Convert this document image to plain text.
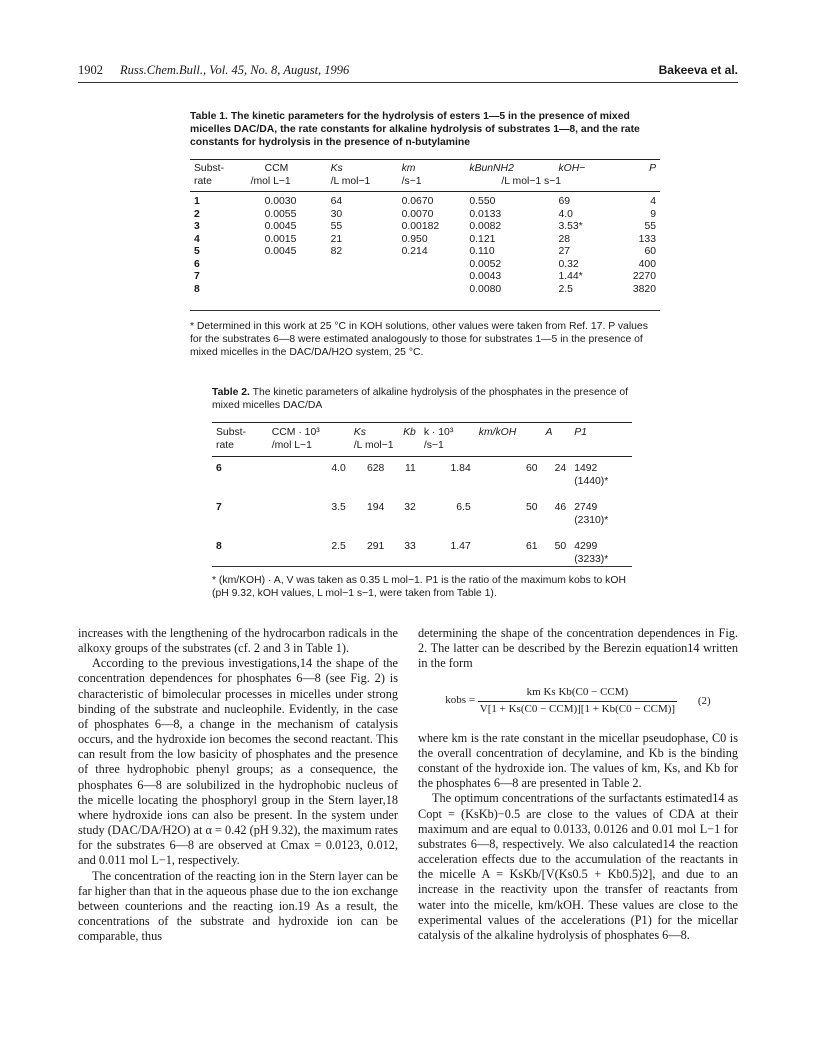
1902 Russ.Chem.Bull., Vol. 45, No. 8, August, 1996	Bakeeva et al.
Table 1. The kinetic parameters for the hydrolysis of esters 1—5 in the presence of mixed micelles DAC/DA, the rate constants for alkaline hydrolysis of substrates 1—8, and the rate constants for hydrolysis in the presence of n-butylamine
Subst-	CCM	Ks	km	kBunNH2	kOH−	P
rate	/mol L−1	/L mol−1	/s−1	/L mol−1 s−1		

1	0.0030	64	0.0670	0.550	69	4
2	0.0055	30	0.0070	0.0133	4.0	9
3	0.0045	55	0.00182	0.0082	3.53*	55
4	0.0015	21	0.950	0.121	28	133
5	0.0045	82	0.214	0.110	27	60
6				0.0052	0.32	400
7				0.0043	1.44*	2270
8				0.0080	2.5	3820
* Determined in this work at 25 °C in KOH solutions, other values were taken from Ref. 17. P values for the substrates 6—8 were estimated analogously to those for substrates 1—5 in the presence of mixed micelles in the DAC/DA/H2O system, 25 °C.
Table 2. The kinetic parameters of alkaline hydrolysis of the phosphates in the presence of mixed micelles DAC/DA
Subst-	CCM · 10³	Ks	Kb	k · 10³	km/kOH	A	P1
rate	/mol L−1	/L mol−1		/s−1			

6	4.0	628	11	1.84	60	24	1492
(1440)*

7	3.5	194	32	6.5	50	46	2749
(2310)*

8	2.5	291	33	1.47	61	50	4299
(3233)*
* (km/KOH) · A, V was taken as 0.35 L mol−1. P1 is the ratio of the maximum kobs to kOH (pH 9.32, kOH values, L mol−1 s−1, were taken from Table 1).

increases with the lengthening of the hydrocarbon radicals in the alkoxy groups of the substrates (cf. 2 and 3 in Table 1).

According to the previous investigations,14 the shape of the concentration dependences for phosphates 6—8 (see Fig. 2) is characteristic of bimolecular processes in micelles under strong binding of the substrate and nucleophile. Evidently, in the case of phosphates 6—8, a change in the mechanism of catalysis occurs, and the hydroxide ion becomes the second reactant. This can result from the low basicity of phosphates and the presence of three hydrophobic phenyl groups; as a consequence, the phosphates 6—8 are solubilized in the hydrophobic nucleus of the micelle locating the phosphoryl group in the Stern layer,18 where hydroxide ions can also be present. In the system under study (DAC/DA/H2O) at α = 0.42 (pH 9.32), the maximum rates for the substrates 6—8 are observed at Cmax = 0.0123, 0.012, and 0.011 mol L−1, respectively.

The concentration of the reacting ion in the Stern layer can be far higher than that in the aqueous phase due to the ion exchange between counterions and the reacting ion.19 As a result, the concentrations of the substrate and hydroxide ion can be comparable, thus

determining the shape of the concentration dependences in Fig. 2. The latter can be described by the Berezin equation14 written in the form

kobs = $\frac{\text{km Ks Kb(C0 − CCM)}}{\text{V[1 + Ks(C0 − CCM)][1 + Kb(C0 − CCM)]}} (2)$

where km is the rate constant in the micellar pseudophase, C0 is the overall concentration of decylamine, and Kb is the binding constant of the hydroxide ion. The values of km, Ks, and Kb for the phosphates 6—8 are presented in Table 2.

The optimum concentrations of the surfactants estimated14 as Copt = (KsKb)−0.5 are close to the values of CDA at their maximum and are equal to 0.0133, 0.0126 and 0.01 mol L−1 for substrates 6—8, respectively. We also calculated14 the reaction acceleration effects due to the accumulation of the reactants in the micelle A = KsKb/[V(Ks0.5 + Kb0.5)2], and due to an increase in the reactivity upon the transfer of reactants from water into the micelle, km/kOH. These values are close to the experimental values of the accelerations (P1) for the micellar catalysis of the alkaline hydrolysis of phosphates 6—8.
